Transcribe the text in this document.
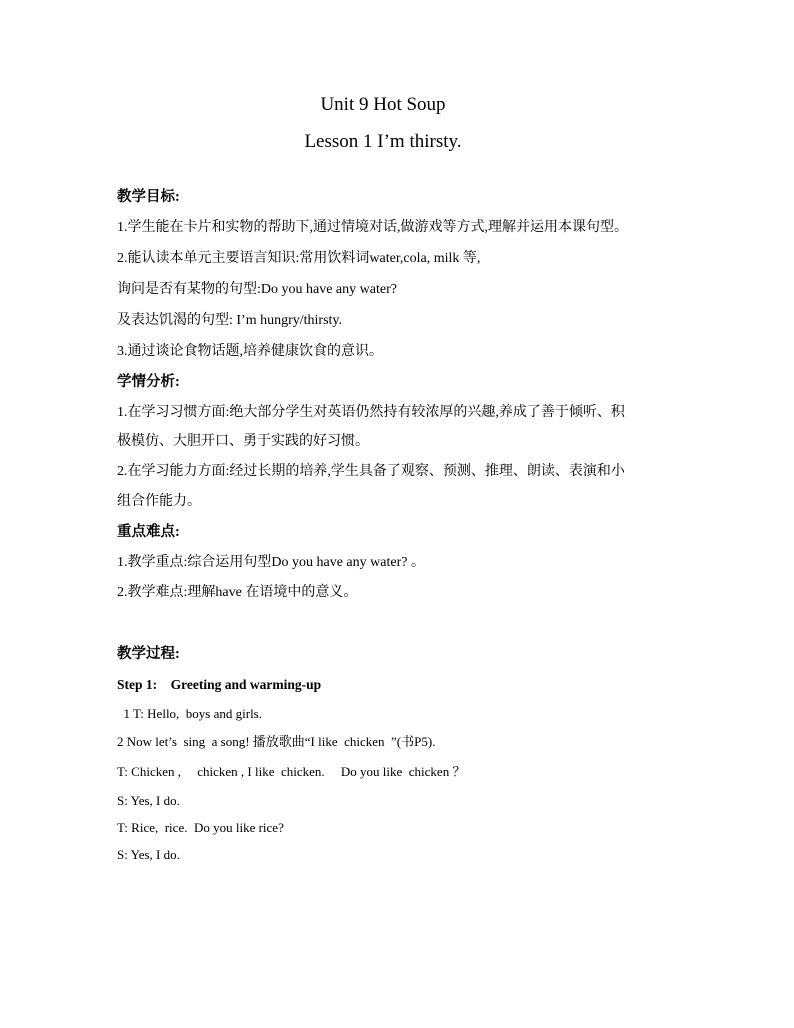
Unit 9 Hot Soup
Lesson 1 I’m thirsty.
教学目标:
1.学生能在卡片和实物的帮助下,通过情境对话,做游戏等方式,理解并运用本课句型。
2.能认读本单元主要语言知识:常用饮料词water,cola, milk 等,
询问是否有某物的句型:Do you have any water?
及表达饥渴的句型: I’m hungry/thirsty.
3.通过谈论食物话题,培养健康饮食的意识。
学情分析:
1.在学习习惯方面:绝大部分学生对英语仍然持有较浓厚的兴趣,养成了善于倾听、积
极模仿、大胆开口、勇于实践的好习惯。
2.在学习能力方面:经过长期的培养,学生具备了观察、预测、推理、朗读、表演和小
组合作能力。
重点难点:
1.教学重点:综合运用句型Do you have any water? 。
2.教学难点:理解have 在语境中的意义。
教学过程:
Step 1:    Greeting and warming-up
1 T: Hello,  boys and girls.
2 Now let’s  sing  a song! 播放歌曲“I like  chicken  ”(书P5).
T: Chicken ,     chicken , I like  chicken.     Do you like  chicken ？
S: Yes, I do.
T: Rice,  rice.  Do you like rice?
S: Yes, I do.
